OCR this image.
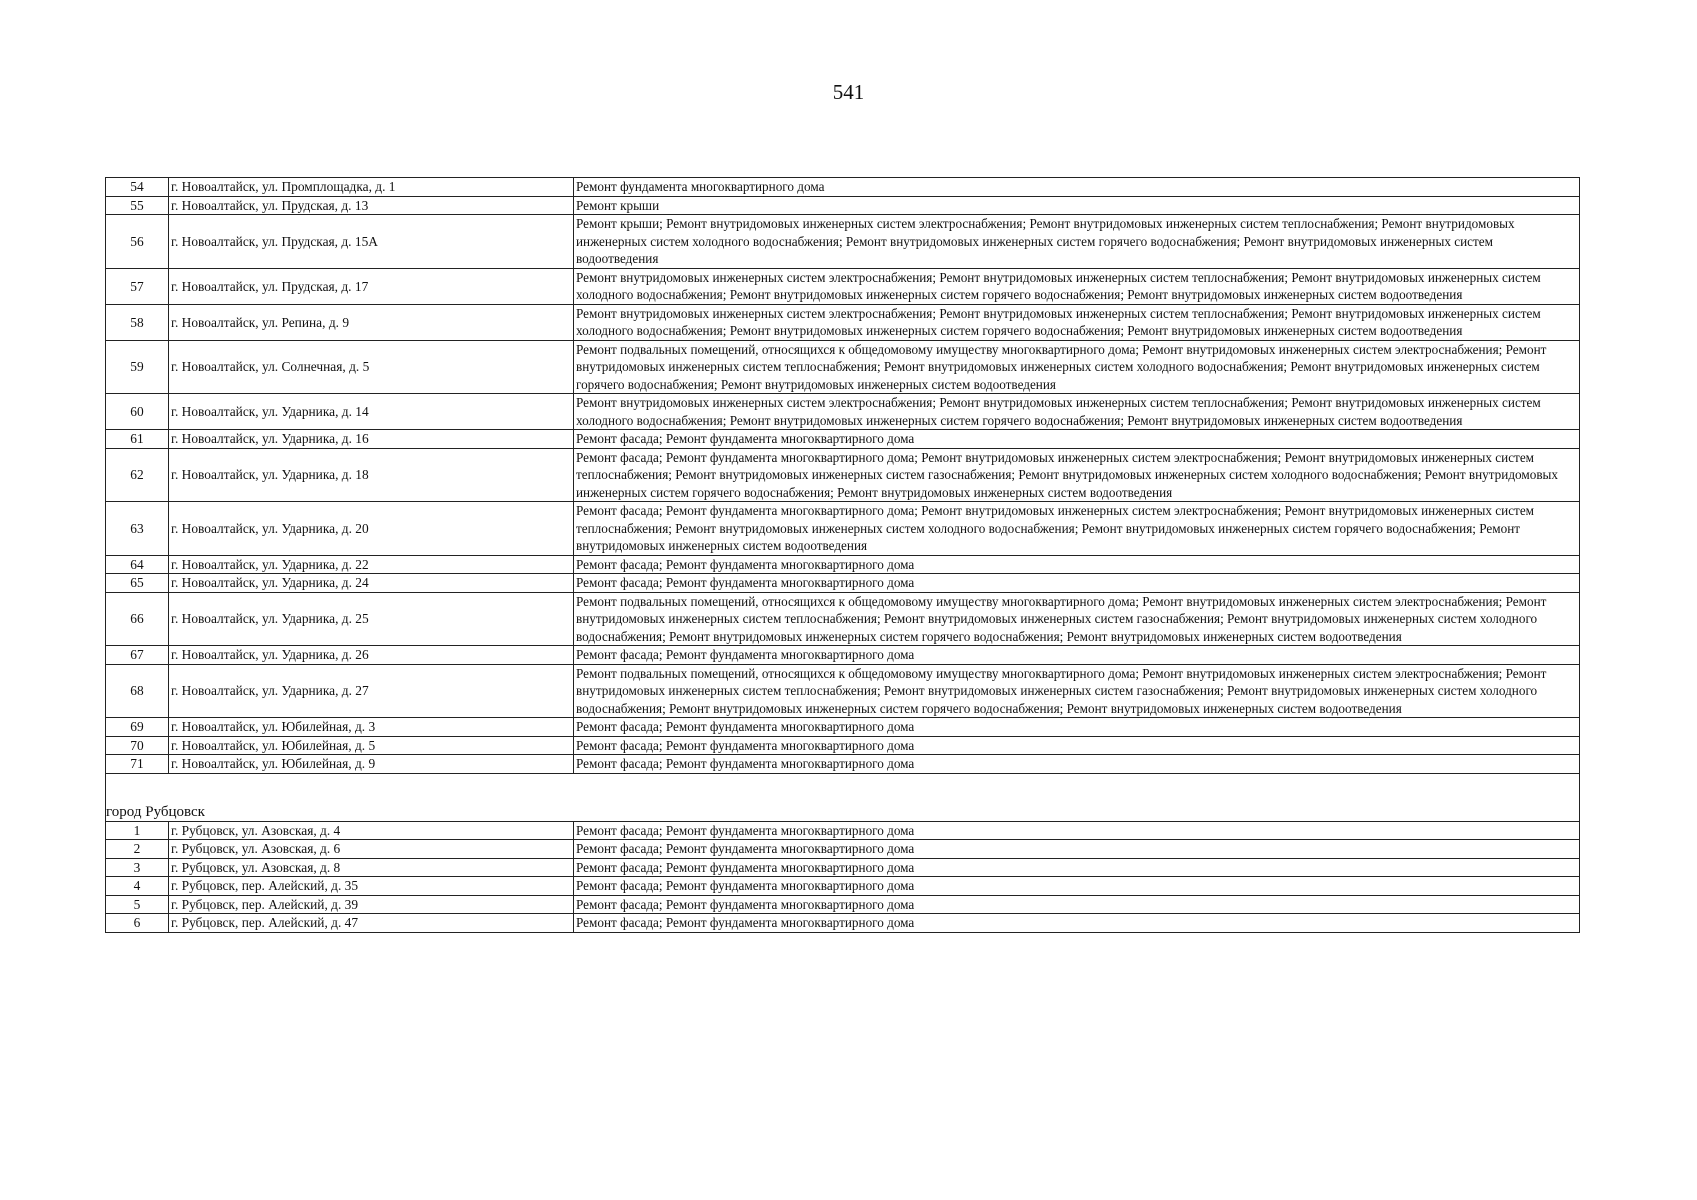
541
54	г. Новоалтайск, ул. Промплощадка, д. 1	Ремонт фундамента многоквартирного дома
55	г. Новоалтайск, ул. Прудская, д. 13	Ремонт крыши
56	г. Новоалтайск, ул. Прудская, д. 15А	Ремонт крыши; Ремонт внутридомовых инженерных систем электроснабжения; Ремонт внутридомовых инженерных систем теплоснабжения; Ремонт внутридомовых инженерных систем холодного водоснабжения; Ремонт внутридомовых инженерных систем горячего водоснабжения; Ремонт внутридомовых инженерных систем водоотведения
57	г. Новоалтайск, ул. Прудская, д. 17	Ремонт внутридомовых инженерных систем электроснабжения; Ремонт внутридомовых инженерных систем теплоснабжения; Ремонт внутридомовых инженерных систем холодного водоснабжения; Ремонт внутридомовых инженерных систем горячего водоснабжения; Ремонт внутридомовых инженерных систем водоотведения
58	г. Новоалтайск, ул. Репина, д. 9	Ремонт внутридомовых инженерных систем электроснабжения; Ремонт внутридомовых инженерных систем теплоснабжения; Ремонт внутридомовых инженерных систем холодного водоснабжения; Ремонт внутридомовых инженерных систем горячего водоснабжения; Ремонт внутридомовых инженерных систем водоотведения
59	г. Новоалтайск, ул. Солнечная, д. 5	Ремонт подвальных помещений, относящихся к общедомовому имуществу многоквартирного дома; Ремонт внутридомовых инженерных систем электроснабжения; Ремонт внутридомовых инженерных систем теплоснабжения; Ремонт внутридомовых инженерных систем холодного водоснабжения; Ремонт внутридомовых инженерных систем горячего водоснабжения; Ремонт внутридомовых инженерных систем водоотведения
60	г. Новоалтайск, ул. Ударника, д. 14	Ремонт внутридомовых инженерных систем электроснабжения; Ремонт внутридомовых инженерных систем теплоснабжения; Ремонт внутридомовых инженерных систем холодного водоснабжения; Ремонт внутридомовых инженерных систем горячего водоснабжения; Ремонт внутридомовых инженерных систем водоотведения
61	г. Новоалтайск, ул. Ударника, д. 16	Ремонт фасада; Ремонт фундамента многоквартирного дома
62	г. Новоалтайск, ул. Ударника, д. 18	Ремонт фасада; Ремонт фундамента многоквартирного дома; Ремонт внутридомовых инженерных систем электроснабжения; Ремонт внутридомовых инженерных систем теплоснабжения; Ремонт внутридомовых инженерных систем газоснабжения; Ремонт внутридомовых инженерных систем холодного водоснабжения; Ремонт внутридомовых инженерных систем горячего водоснабжения; Ремонт внутридомовых инженерных систем водоотведения
63	г. Новоалтайск, ул. Ударника, д. 20	Ремонт фасада; Ремонт фундамента многоквартирного дома; Ремонт внутридомовых инженерных систем электроснабжения; Ремонт внутридомовых инженерных систем теплоснабжения; Ремонт внутридомовых инженерных систем холодного водоснабжения; Ремонт внутридомовых инженерных систем горячего водоснабжения; Ремонт внутридомовых инженерных систем водоотведения
64	г. Новоалтайск, ул. Ударника, д. 22	Ремонт фасада; Ремонт фундамента многоквартирного дома
65	г. Новоалтайск, ул. Ударника, д. 24	Ремонт фасада; Ремонт фундамента многоквартирного дома
66	г. Новоалтайск, ул. Ударника, д. 25	Ремонт подвальных помещений, относящихся к общедомовому имуществу многоквартирного дома; Ремонт внутридомовых инженерных систем электроснабжения; Ремонт внутридомовых инженерных систем теплоснабжения; Ремонт внутридомовых инженерных систем газоснабжения; Ремонт внутридомовых инженерных систем холодного водоснабжения; Ремонт внутридомовых инженерных систем горячего водоснабжения; Ремонт внутридомовых инженерных систем водоотведения
67	г. Новоалтайск, ул. Ударника, д. 26	Ремонт фасада; Ремонт фундамента многоквартирного дома
68	г. Новоалтайск, ул. Ударника, д. 27	Ремонт подвальных помещений, относящихся к общедомовому имуществу многоквартирного дома; Ремонт внутридомовых инженерных систем электроснабжения; Ремонт внутридомовых инженерных систем теплоснабжения; Ремонт внутридомовых инженерных систем газоснабжения; Ремонт внутридомовых инженерных систем холодного водоснабжения; Ремонт внутридомовых инженерных систем горячего водоснабжения; Ремонт внутридомовых инженерных систем водоотведения
69	г. Новоалтайск, ул. Юбилейная, д. 3	Ремонт фасада; Ремонт фундамента многоквартирного дома
70	г. Новоалтайск, ул. Юбилейная, д. 5	Ремонт фасада; Ремонт фундамента многоквартирного дома
71	г. Новоалтайск, ул. Юбилейная, д. 9	Ремонт фасада; Ремонт фундамента многоквартирного дома

город Рубцовск		
1	г. Рубцовск, ул. Азовская, д. 4	Ремонт фасада; Ремонт фундамента многоквартирного дома
2	г. Рубцовск, ул. Азовская, д. 6	Ремонт фасада; Ремонт фундамента многоквартирного дома
3	г. Рубцовск, ул. Азовская, д. 8	Ремонт фасада; Ремонт фундамента многоквартирного дома
4	г. Рубцовск, пер. Алейский, д. 35	Ремонт фасада; Ремонт фундамента многоквартирного дома
5	г. Рубцовск, пер. Алейский, д. 39	Ремонт фасада; Ремонт фундамента многоквартирного дома
6	г. Рубцовск, пер. Алейский, д. 47	Ремонт фасада; Ремонт фундамента многоквартирного дома
